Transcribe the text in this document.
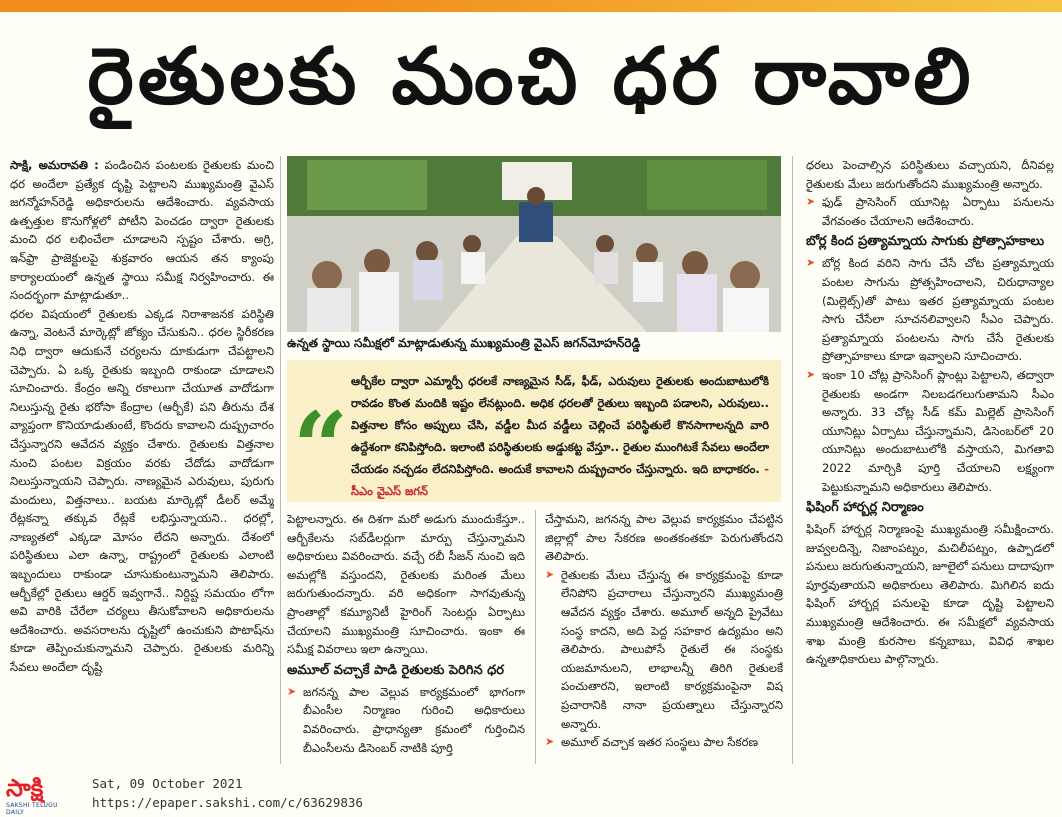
రైతులకు మంచి ధర రావాలి

సాక్షి, అమరావతి : పండించిన పంటలకు రైతులకు మంచి ధర అందేలా ప్రత్యేక దృష్టి పెట్టాలని ముఖ్యమంత్రి వైఎస్ జగన్మోహన్‌రెడ్డి అధికారులను ఆదేశించారు. వ్యవసాయ ఉత్పత్తుల కొనుగోళ్లలో పోటీని పెంచడం ద్వారా రైతులకు మంచి ధర లభించేలా చూడాలని స్పష్టం చేశారు. అగ్రి, ఇన్‌ఫ్రా ప్రాజెక్టులపై శుక్రవారం ఆయన తన క్యాంపు కార్యాలయంలో ఉన్నత స్థాయి సమీక్ష నిర్వహించారు. ఈ సందర్భంగా మాట్లాడుతూ..

ధరల విషయంలో రైతులకు ఎక్కడ నిరాశాజనక పరిస్థితి ఉన్నా, వెంటనే మార్కెట్లో జోక్యం చేసుకుని.. ధరల స్థిరీకరణ నిధి ద్వారా ఆదుకునే చర్యలను దూకుడుగా చేపట్టాలని చెప్పారు. ఏ ఒక్క రైతుకు ఇబ్బంది రాకుండా చూడాలని సూచించారు. కేంద్రం అన్ని రకాలుగా చేయూత వాదోడుగా నిలుస్తున్న రైతు భరోసా కేంద్రాల (ఆర్బీకే) పని తీరును దేశ వ్యాప్తంగా కొనియాడుతుంటే, కొందరు కావాలని దుష్ప్రచారం చేస్తున్నారని ఆవేదన వ్యక్తం చేశారు. రైతులకు విత్తనాల నుంచి పంటల విక్రయం వరకు చేదోడు వాదోడుగా నిలుస్తున్నాయని చెప్పారు. నాణ్యమైన ఎరువులు, పురుగు మందులు, విత్తనాలు.. బయట మార్కెట్లో డీలర్ అమ్మే రేట్లకన్నా తక్కువ రేట్లకే లభిస్తున్నాయని.. ధరల్లో, నాణ్యతలో ఎక్కడా మోసం లేదని అన్నారు. దేశంలో పరిస్థితులు ఎలా ఉన్నా, రాష్ట్రంలో రైతులకు ఎలాంటి ఇబ్బందులు రాకుండా చూసుకుంటున్నామని తెలిపారు. ఆర్బీకేల్లో రైతులు ఆర్డర్ ఇవ్వగానే.. నిర్దిష్ట సమయం లోగా అవి వారికి చేరేలా చర్యలు తీసుకోవాలని అధికారులను ఆదేశించారు. అవసరాలను దృష్టిలో ఉంచుకుని పొటాష్‌ను కూడా తెప్పించుకున్నామని చెప్పారు. రైతులకు మరిన్ని సేవలు అందేలా దృష్టి

ఉన్నత స్థాయి సమీక్షలో మాట్లాడుతున్న ముఖ్యమంత్రి వైఎస్ జగన్‌మోహన్‌రెడ్డి
“
ఆర్బీకేల ద్వారా ఎమ్మార్పీ ధరలకే నాణ్యమైన సీడ్, ఫీడ్, ఎరువులు రైతులకు అందుబాటులోకి రావడం కొంత మందికి ఇష్టం లేనట్లుంది. అధిక ధరలతో రైతులు ఇబ్బంది పడాలని, ఎరువులు.. విత్తనాల కోసం అప్పులు చేసి, వడ్డీల మీద వడ్డీలు చెల్లించే పరిస్థితులే కొనసాగాలన్నది వారి ఉద్దేశంగా కనిపిస్తోంది. ఇలాంటి పరిస్థితులకు అడ్డుకట్ట వేస్తూ.. రైతుల ముంగిటకే సేవలు అందేలా చేయడం నచ్చడం లేదనిపిస్తోంది. అందుకే కావాలని దుష్ప్రచారం చేస్తున్నారు. ఇది బాధాకరం. - సీఎం వైఎస్ జగన్

పెట్టాలన్నారు. ఈ దిశగా మరో అడుగు ముందుకేస్తూ.. ఆర్బీకేలను సబ్‌డీలర్లుగా మార్పు చేస్తున్నామని అధికారులు వివరించారు. వచ్చే రబీ సీజన్ నుంచి ఇది అమల్లోకి వస్తుందని, రైతులకు మరింత మేలు జరుగుతుందన్నారు. వరి అధికంగా సాగవుతున్న ప్రాంతాల్లో కమ్యూనిటీ హైరింగ్ సెంటర్లు ఏర్పాటు చేయాలని ముఖ్యమంత్రి సూచించారు. ఇంకా ఈ సమీక్ష వివరాలు ఇలా ఉన్నాయి.

అమూల్ వచ్చాకే పాడి రైతులకు పెరిగిన ధర

➤ జగనన్న పాల వెల్లువ కార్యక్రమంలో భాగంగా బీఎంసీల నిర్మాణం గురించి అధికారులు వివరించారు. ప్రాధాన్యతా క్రమంలో గుర్తించిన బీఎంసీలను డిసెంబర్ నాటికి పూర్తి

చేస్తామని, జగనన్న పాల వెల్లువ కార్యక్రమం చేపట్టిన జిల్లాల్లో పాల సేకరణ అంతకంతకూ పెరుగుతోందని తెలిపారు.

➤ రైతులకు మేలు చేస్తున్న ఈ కార్యక్రమంపై కూడా లేనిపోని ప్రచారాలు చేస్తున్నారని ముఖ్యమంత్రి ఆవేదన వ్యక్తం చేశారు. అమూల్ అన్నది ప్రైవేటు సంస్థ కాదని, అది పెద్ద సహకార ఉద్యమం అని తెలిపారు. పాలుపోసే రైతులే ఈ సంస్థకు యజమానులని, లాభాలన్నీ తిరిగి రైతులకే పంచుతారని, ఇలాంటి కార్యక్రమంపైనా విష ప్రచారానికి నానా ప్రయత్నాలు చేస్తున్నారని అన్నారు.

➤ అమూల్ వచ్చాక ఇతర సంస్థలు పాల సేకరణ

ధరలు పెంచాల్సిన పరిస్థితులు వచ్చాయని, దీనివల్ల రైతులకు మేలు జరుగుతోందని ముఖ్యమంత్రి అన్నారు.

➤ ఫుడ్ ప్రాసెసింగ్ యూనిట్ల ఏర్పాటు పనులను వేగవంతం చేయాలని ఆదేశించారు.

బోర్ల కింద ప్రత్యామ్నాయ సాగుకు ప్రోత్సాహకాలు

➤ బోర్ల కింద వరిని సాగు చేసే చోట ప్రత్యామ్నాయ పంటల సాగును ప్రోత్సహించాలని, చిరుధాన్యాల (మిల్లెట్స్)తో పాటు ఇతర ప్రత్యామ్నాయ పంటల సాగు చేసేలా సూచనలివ్వాలని సీఎం చెప్పారు. ప్రత్యామ్నాయ పంటలను సాగు చేసే రైతులకు ప్రోత్సాహకాలు కూడా ఇవ్వాలని సూచించారు.

➤ ఇంకా 10 చోట్ల ప్రాసెసింగ్ ప్లాంట్లు పెట్టాలని, తద్వారా రైతులకు అండగా నిలబడగలుగుతామని సీఎం అన్నారు. 33 చోట్ల సీడ్ కమ్ మిల్లెట్ ప్రాసెసింగ్ యూనిట్లు ఏర్పాటు చేస్తున్నామని, డిసెంబర్‌లో 20 యూనిట్లు అందుబాటులోకి వస్తాయని, మిగతావి 2022 మార్చికి పూర్తి చేయాలని లక్ష్యంగా పెట్టుకున్నామని అధికారులు తెలిపారు.

ఫిషింగ్ హార్బర్ల నిర్మాణం

ఫిషింగ్ హార్బర్ల నిర్మాణంపై ముఖ్యమంత్రి సమీక్షించారు. జువ్వలదిన్నె, నిజాంపట్నం, మచిలీపట్నం, ఉప్పాడలో పనులు జరుగుతున్నాయని, జూలైలో పనులు దాదాపుగా పూర్తవుతాయని అధికారులు తెలిపారు. మిగిలిన ఐదు ఫిషింగ్ హార్బర్ల పనులపై కూడా దృష్టి పెట్టాలని ముఖ్యమంత్రి ఆదేశించారు. ఈ సమీక్షలో వ్యవసాయ శాఖ మంత్రి కురసాల కన్నబాబు, వివిధ శాఖల ఉన్నతాధికారులు పాల్గొన్నారు.

సాక్షి
SAKSHI TELUGU DAILY
Sat, 09 October 2021
https://epaper.sakshi.com/c/63629836
